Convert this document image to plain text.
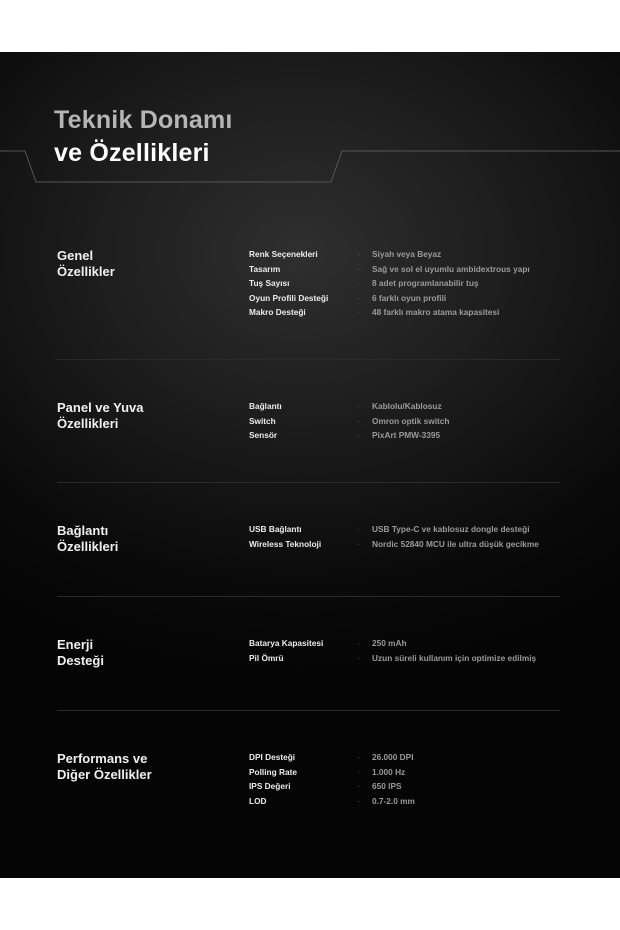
Teknik Donamı
ve Özellikleri
Genel
Özellikler
Renk Seçenekleri	· Siyah veya Beyaz
Tasarım	· Sağ ve sol el uyumlu ambidextrous yapı
Tuş Sayısı	· 8 adet programlanabilir tuş
Oyun Profili Desteği	· 6 farklı oyun profili
Makro Desteği	· 48 farklı makro atama kapasitesi
Panel ve Yuva
Özellikleri
Bağlantı	· Kablolu/Kablosuz
Switch	· Omron optik switch
Sensör	· PixArt PMW-3395
Bağlantı
Özellikleri
USB Bağlantı	· USB Type-C ve kablosuz dongle desteği
Wireless Teknoloji	· Nordic 52840 MCU ile ultra düşük gecikme
Enerji
Desteği
Batarya Kapasitesi	· 250 mAh
Pil Ömrü	· Uzun süreli kullanım için optimize edilmiş
Performans ve
Diğer Özellikler
DPI Desteği	· 26.000 DPI
Polling Rate	· 1.000 Hz
IPS Değeri	· 650 IPS
LOD	· 0.7-2.0 mm
